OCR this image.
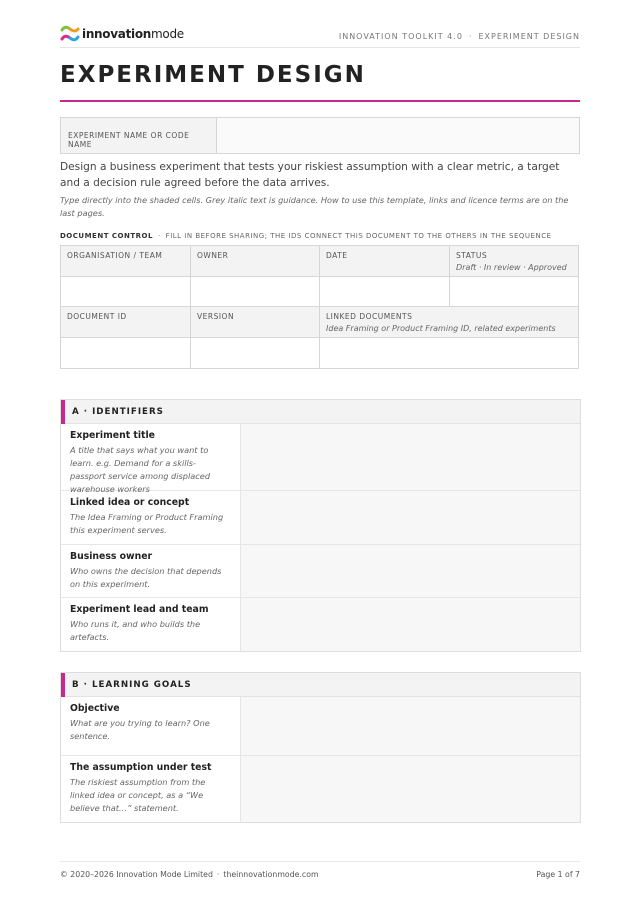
innovationmode	INNOVATION TOOLKIT 4.0 · EXPERIMENT DESIGN
EXPERIMENT DESIGN
EXPERIMENT NAME OR CODE NAME
Design a business experiment that tests your riskiest assumption with a clear metric, a target and a decision rule agreed before the data arrives.
Type directly into the shaded cells. Grey italic text is guidance. How to use this template, links and licence terms are on the last pages.
DOCUMENT CONTROL · FILL IN BEFORE SHARING; THE IDS CONNECT THIS DOCUMENT TO THE OTHERS IN THE SEQUENCE
ORGANISATION / TEAM	OWNER	DATE	STATUS
Draft · In review · Approved
DOCUMENT ID	VERSION	LINKED DOCUMENTS
Idea Framing or Product Framing ID, related experiments
A · IDENTIFIERS
Experiment title
A title that says what you want to learn. e.g. Demand for a skills-passport service among displaced warehouse workers
Linked idea or concept
The Idea Framing or Product Framing this experiment serves.
Business owner
Who owns the decision that depends on this experiment.
Experiment lead and team
Who runs it, and who builds the artefacts.
B · LEARNING GOALS
Objective
What are you trying to learn? One sentence.
The assumption under test
The riskiest assumption from the linked idea or concept, as a “We believe that…” statement.
© 2020–2026 Innovation Mode Limited · theinnovationmode.com	Page 1 of 7
